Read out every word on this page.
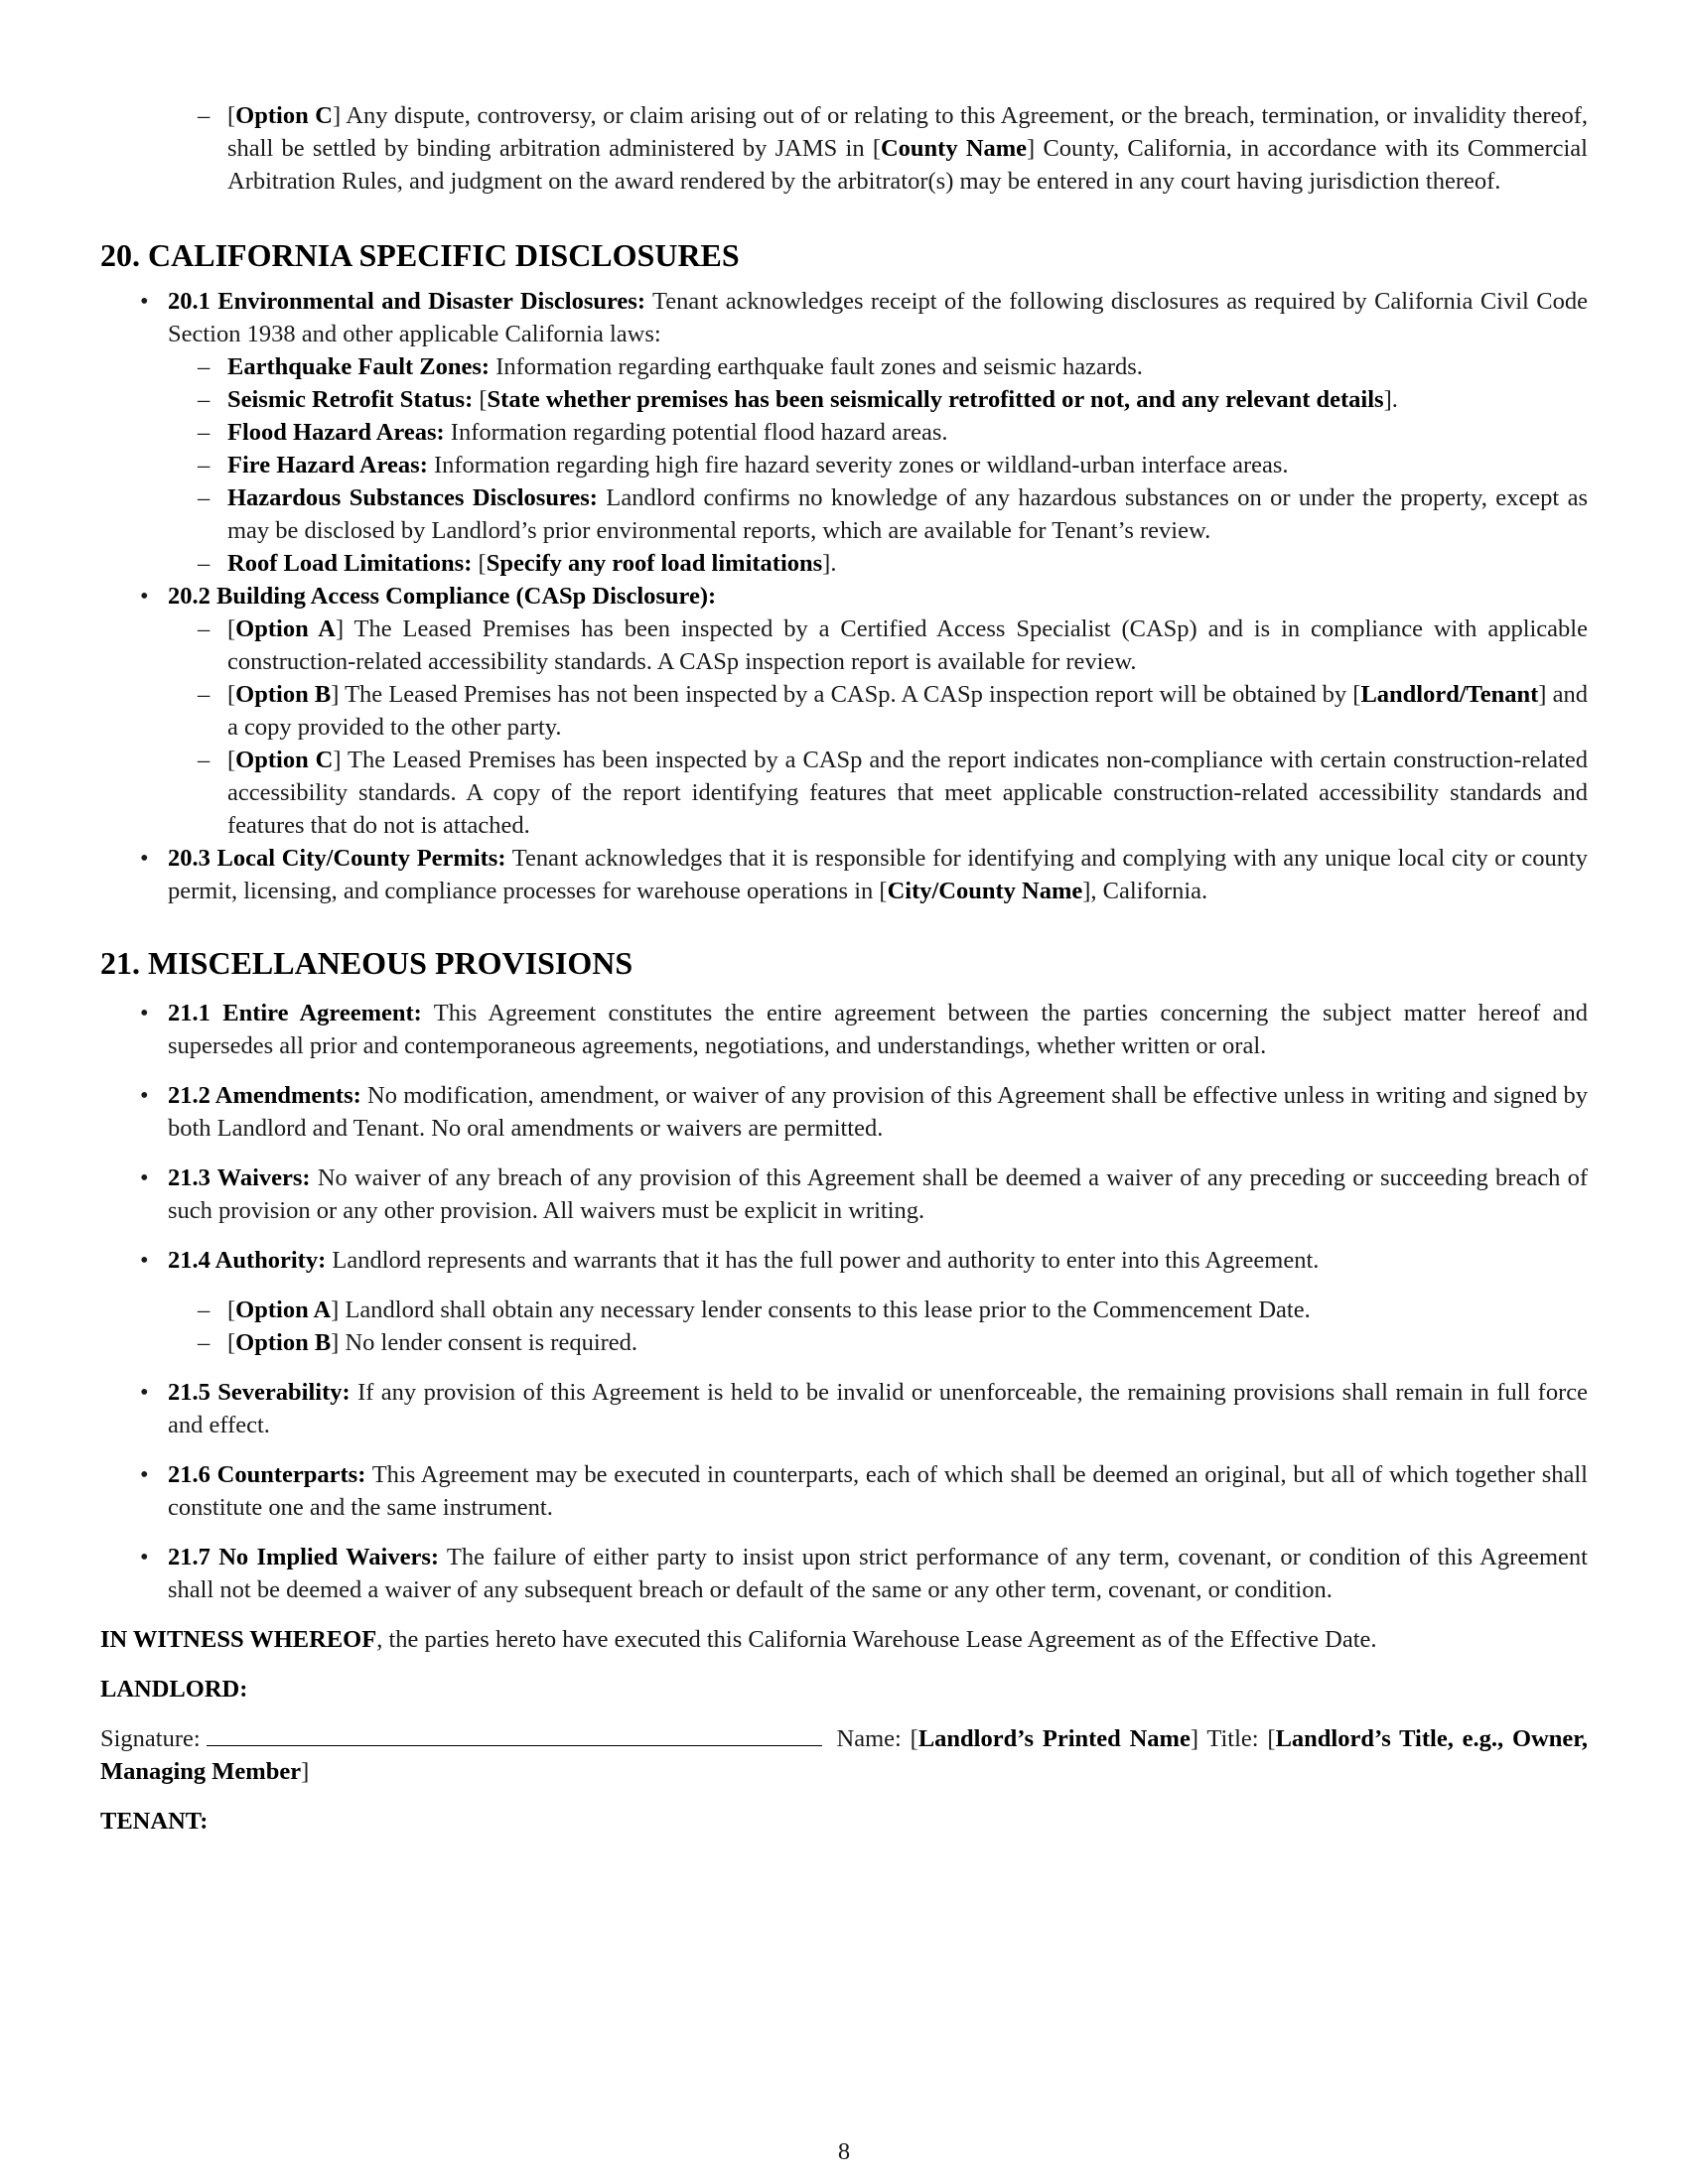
– [Option C] Any dispute, controversy, or claim arising out of or relating to this Agreement, or the breach, termination, or invalidity thereof, shall be settled by binding arbitration administered by JAMS in [County Name] County, California, in accordance with its Commercial Arbitration Rules, and judgment on the award rendered by the arbitrator(s) may be entered in any court having jurisdiction thereof.
20. CALIFORNIA SPECIFIC DISCLOSURES
• 20.1 Environmental and Disaster Disclosures: Tenant acknowledges receipt of the following disclosures as required by California Civil Code Section 1938 and other applicable California laws:
– Earthquake Fault Zones: Information regarding earthquake fault zones and seismic hazards.
– Seismic Retrofit Status: [State whether premises has been seismically retrofitted or not, and any relevant details].
– Flood Hazard Areas: Information regarding potential flood hazard areas.
– Fire Hazard Areas: Information regarding high fire hazard severity zones or wildland-urban interface areas.
– Hazardous Substances Disclosures: Landlord confirms no knowledge of any hazardous substances on or under the property, except as may be disclosed by Landlord’s prior environmental reports, which are available for Tenant’s review.
– Roof Load Limitations: [Specify any roof load limitations].
• 20.2 Building Access Compliance (CASp Disclosure):
– [Option A] The Leased Premises has been inspected by a Certified Access Specialist (CASp) and is in compliance with applicable construction-related accessibility standards. A CASp inspection report is available for review.
– [Option B] The Leased Premises has not been inspected by a CASp. A CASp inspection report will be obtained by [Landlord/Tenant] and a copy provided to the other party.
– [Option C] The Leased Premises has been inspected by a CASp and the report indicates non-compliance with certain construction-related accessibility standards. A copy of the report identifying features that meet applicable construction-related accessibility standards and features that do not is attached.
• 20.3 Local City/County Permits: Tenant acknowledges that it is responsible for identifying and complying with any unique local city or county permit, licensing, and compliance processes for warehouse operations in [City/County Name], California.
21. MISCELLANEOUS PROVISIONS
• 21.1 Entire Agreement: This Agreement constitutes the entire agreement between the parties concerning the subject matter hereof and supersedes all prior and contemporaneous agreements, negotiations, and understandings, whether written or oral.
• 21.2 Amendments: No modification, amendment, or waiver of any provision of this Agreement shall be effective unless in writing and signed by both Landlord and Tenant. No oral amendments or waivers are permitted.
• 21.3 Waivers: No waiver of any breach of any provision of this Agreement shall be deemed a waiver of any preceding or succeeding breach of such provision or any other provision. All waivers must be explicit in writing.
• 21.4 Authority: Landlord represents and warrants that it has the full power and authority to enter into this Agreement.
– [Option A] Landlord shall obtain any necessary lender consents to this lease prior to the Commencement Date.
– [Option B] No lender consent is required.
• 21.5 Severability: If any provision of this Agreement is held to be invalid or unenforceable, the remaining provisions shall remain in full force and effect.
• 21.6 Counterparts: This Agreement may be executed in counterparts, each of which shall be deemed an original, but all of which together shall constitute one and the same instrument.
• 21.7 No Implied Waivers: The failure of either party to insist upon strict performance of any term, covenant, or condition of this Agreement shall not be deemed a waiver of any subsequent breach or default of the same or any other term, covenant, or condition.

IN WITNESS WHEREOF, the parties hereto have executed this California Warehouse Lease Agreement as of the Effective Date.

LANDLORD:

Signature:	Name: [Landlord’s Printed Name] Title: [Landlord’s Title, e.g., Owner, Managing Member]

TENANT:

8
